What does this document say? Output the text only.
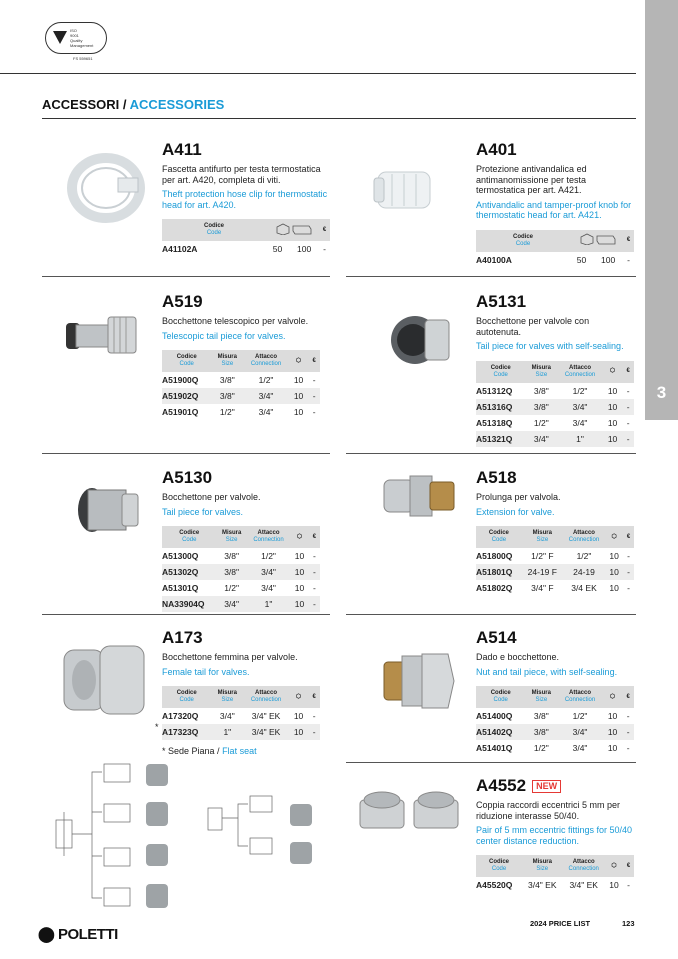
3
ISO
9001
Quality
Management
FS 559651
ACCESSORI / ACCESSORIES
A411
Fascetta antifurto per testa termostatica per art. A420, completa di viti.
Theft protection hose clip for thermostatic head for art. A420.
Codice
Code			€
A41102A	50	100	-
A401
Protezione antivandalica ed antimanomissione per testa termostatica per art. A421.
Antivandalic and tamper-proof knob for thermostatic head for art. A421.
Codice
Code			€
A40100A	50	100	-
A519
Bocchettone telescopico per valvole.
Telescopic tail piece for valves.
Codice
Code	Misura
Size	Attacco
Connection	⬡	€
A51900Q	3/8"	1/2"	10	-
A51902Q	3/8"	3/4"	10	-
A51901Q	1/2"	3/4"	10	-
A5131
Bocchettone per valvole con autotenuta.
Tail piece for valves with self-sealing.
Codice
Code	Misura
Size	Attacco
Connection	⬡	€
A51312Q	3/8"	1/2"	10	-
A51316Q	3/8"	3/4"	10	-
A51318Q	1/2"	3/4"	10	-
A51321Q	3/4"	1"	10	-
A5130
Bocchettone per valvole.
Tail piece for valves.
Codice
Code	Misura
Size	Attacco
Connection	⬡	€
A51300Q	3/8"	1/2"	10	-
A51302Q	3/8"	3/4"	10	-
A51301Q	1/2"	3/4"	10	-
NA33904Q	3/4"	1"	10	-
A518
Prolunga per valvola.
Extension for valve.
Codice
Code	Misura
Size	Attacco
Connection	⬡	€
A51800Q	1/2" F	1/2"	10	-
A51801Q	24-19 F	24-19	10	-
A51802Q	3/4" F	3/4 EK	10	-
A173
Bocchettone femmina per valvole.
Female tail for valves.
*
Codice
Code	Misura
Size	Attacco
Connection	⬡	€
A17320Q	3/4"	3/4" EK	10	-
A17323Q	1"	3/4" EK	10	-
* Sede Piana / Flat seat
A514
Dado e bocchettone.
Nut and tail piece, with self-sealing.
Codice
Code	Misura
Size	Attacco
Connection	⬡	€
A51400Q	3/8"	1/2"	10	-
A51402Q	3/8"	3/4"	10	-
A51401Q	1/2"	3/4"	10	-
A4552 NEW
Coppia raccordi eccentrici 5 mm per riduzione interasse 50/40.
Pair of 5 mm eccentric fittings for 50/40 center distance reduction.
Codice
Code	Misura
Size	Attacco
Connection	⬡	€
A45520Q	3/4" EK	3/4" EK	10	-
⬤ POLETTI
2024 PRICE LIST	123
